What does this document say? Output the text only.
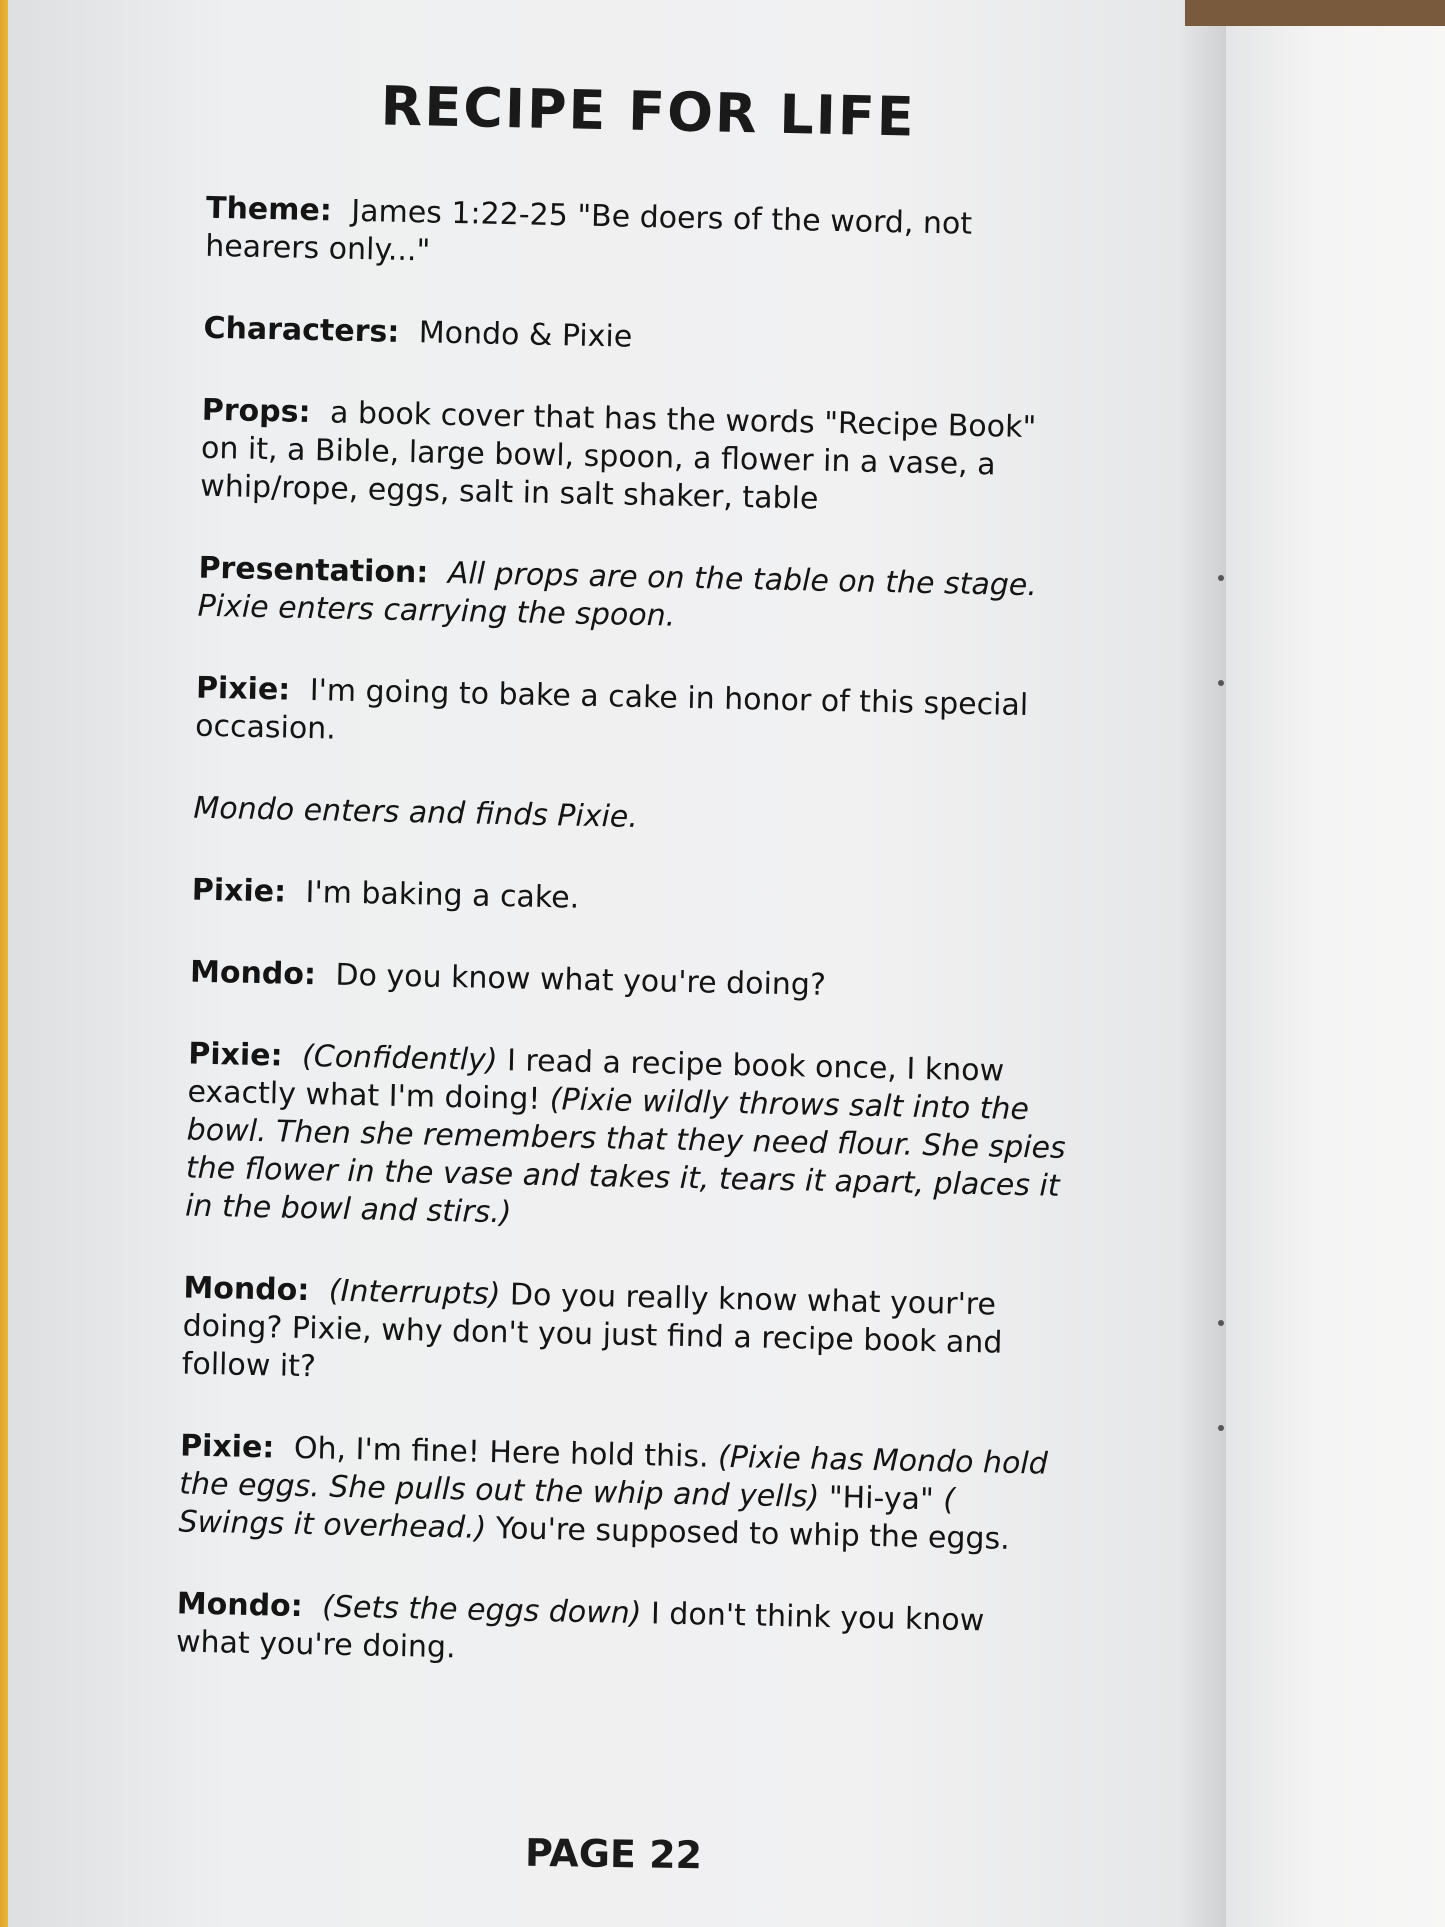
RECIPE FOR LIFE

Theme: James 1:22-25 "Be doers of the word, not hearers only..."

Characters: Mondo & Pixie

Props: a book cover that has the words "Recipe Book" on it, a Bible, large bowl, spoon, a flower in a vase, a whip/rope, eggs, salt in salt shaker, table

Presentation: All props are on the table on the stage. Pixie enters carrying the spoon.

Pixie: I'm going to bake a cake in honor of this special occasion.

Mondo enters and finds Pixie.

Pixie: I'm baking a cake.

Mondo: Do you know what you're doing?

Pixie: (Confidently) I read a recipe book once, I know exactly what I'm doing! (Pixie wildly throws salt into the bowl. Then she remembers that they need flour. She spies the flower in the vase and takes it, tears it apart, places it in the bowl and stirs.)

Mondo: (Interrupts) Do you really know what your're doing? Pixie, why don't you just find a recipe book and follow it?

Pixie: Oh, I'm fine! Here hold this. (Pixie has Mondo hold the eggs. She pulls out the whip and yells) "Hi-ya" ( Swings it overhead.) You're supposed to whip the eggs.

Mondo: (Sets the eggs down) I don't think you know what you're doing.

PAGE 22
